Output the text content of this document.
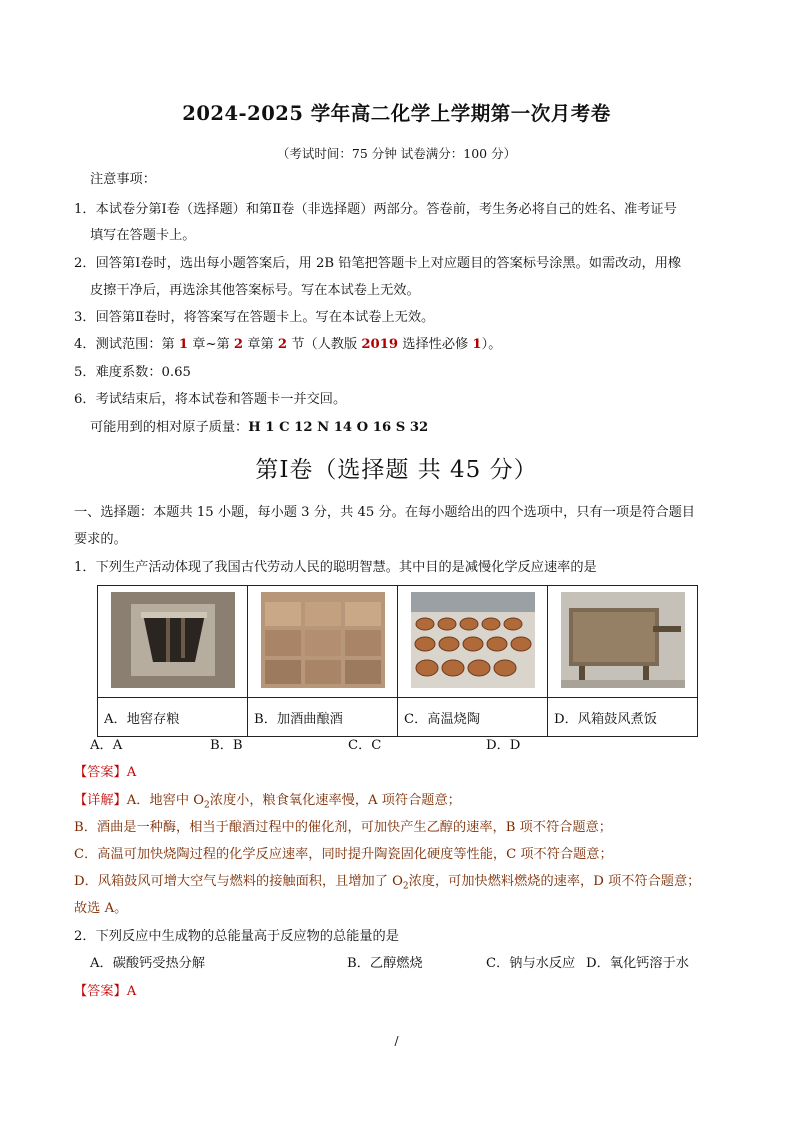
2024-2025 学年高二化学上学期第一次月考卷
（考试时间：75 分钟 试卷满分：100 分）
注意事项：
1．本试卷分第Ⅰ卷（选择题）和第Ⅱ卷（非选择题）两部分。答卷前，考生务必将自己的姓名、准考证号
填写在答题卡上。
2．回答第Ⅰ卷时，选出每小题答案后，用 2B 铅笔把答题卡上对应题目的答案标号涂黑。如需改动，用橡
皮擦干净后，再选涂其他答案标号。写在本试卷上无效。
3．回答第Ⅱ卷时，将答案写在答题卡上。写在本试卷上无效。
4．测试范围：第 1 章~第 2 章第 2 节（人教版 2019 选择性必修 1）。
5．难度系数：0.65
6．考试结束后，将本试卷和答题卡一并交回。
可能用到的相对原子质量：H 1 C 12 N 14 O 16 S 32
第Ⅰ卷（选择题 共 45 分）
一、选择题：本题共 15 小题，每小题 3 分，共 45 分。在每小题给出的四个选项中，只有一项是符合题目
要求的。
1．下列生产活动体现了我国古代劳动人民的聪明智慧。其中目的是减慢化学反应速率的是

A．地窖存粮	B．加酒曲酿酒	C．高温烧陶	D．风箱鼓风煮饭
A．A	B．B	C．C	D．D
【答案】A
【详解】A．地窖中 $O_2$浓度小，粮食氧化速率慢，A 项符合题意；
B．酒曲是一种酶，相当于酿酒过程中的催化剂，可加快产生乙醇的速率，B 项不符合题意；
C．高温可加快烧陶过程的化学反应速率，同时提升陶瓷固化硬度等性能，C 项不符合题意；
D．风箱鼓风可增大空气与燃料的接触面积，且增加了 $O_2$浓度，可加快燃料燃烧的速率，D 项不符合题意；
故选 A。
2．下列反应中生成物的总能量高于反应物的总能量的是
A．碳酸钙受热分解	B．乙醇燃烧	C．钠与水反应 D．氧化钙溶于水
【答案】A
/
